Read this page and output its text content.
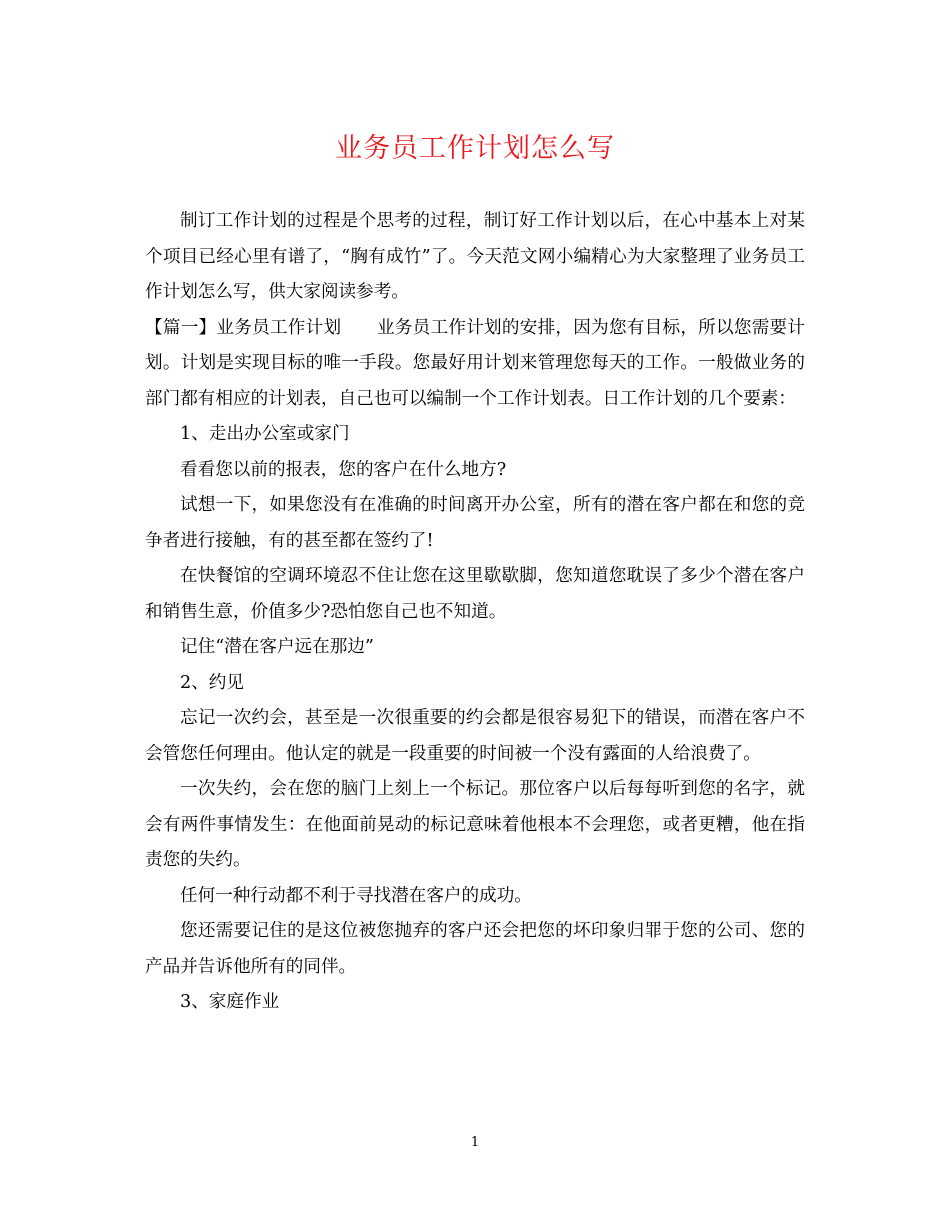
业务员工作计划怎么写

制订工作计划的过程是个思考的过程，制订好工作计划以后，在心中基本上对某个项目已经心里有谱了，“胸有成竹”了。今天范文网小编精心为大家整理了业务员工作计划怎么写，供大家阅读参考。

【篇一】业务员工作计划　　业务员工作计划的安排，因为您有目标，所以您需要计划。计划是实现目标的唯一手段。您最好用计划来管理您每天的工作。一般做业务的部门都有相应的计划表，自己也可以编制一个工作计划表。日工作计划的几个要素：

1、走出办公室或家门

看看您以前的报表，您的客户在什么地方?

试想一下，如果您没有在准确的时间离开办公室，所有的潜在客户都在和您的竞争者进行接触，有的甚至都在签约了!

在快餐馆的空调环境忍不住让您在这里歇歇脚，您知道您耽误了多少个潜在客户和销售生意，价值多少?恐怕您自己也不知道。

记住“潜在客户远在那边”

2、约见

忘记一次约会，甚至是一次很重要的约会都是很容易犯下的错误，而潜在客户不会管您任何理由。他认定的就是一段重要的时间被一个没有露面的人给浪费了。

一次失约，会在您的脑门上刻上一个标记。那位客户以后每每听到您的名字，就会有两件事情发生：在他面前晃动的标记意味着他根本不会理您，或者更糟，他在指责您的失约。

任何一种行动都不利于寻找潜在客户的成功。

您还需要记住的是这位被您抛弃的客户还会把您的坏印象归罪于您的公司、您的产品并告诉他所有的同伴。

3、家庭作业

1
